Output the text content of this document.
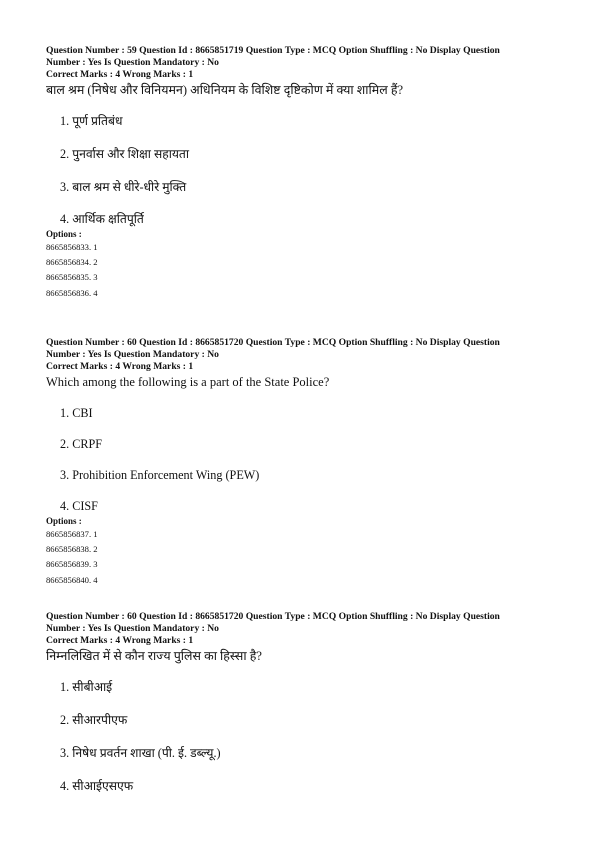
Question Number : 59 Question Id : 8665851719 Question Type : MCQ Option Shuffling : No Display Question
Number : Yes Is Question Mandatory : No
Correct Marks : 4 Wrong Marks : 1
बाल श्रम (निषेध और विनियमन) अधिनियम के विशिष्ट दृष्टिकोण में क्या शामिल हैं?
1. पूर्ण प्रतिबंध
2. पुनर्वास और शिक्षा सहायता
3. बाल श्रम से धीरे-धीरे मुक्ति
4. आर्थिक क्षतिपूर्ति
Options :
8665856833. 1
8665856834. 2
8665856835. 3
8665856836. 4
Question Number : 60 Question Id : 8665851720 Question Type : MCQ Option Shuffling : No Display Question
Number : Yes Is Question Mandatory : No
Correct Marks : 4 Wrong Marks : 1
Which among the following is a part of the State Police?
1. CBI
2. CRPF
3. Prohibition Enforcement Wing (PEW)
4. CISF
Options :
8665856837. 1
8665856838. 2
8665856839. 3
8665856840. 4
Question Number : 60 Question Id : 8665851720 Question Type : MCQ Option Shuffling : No Display Question
Number : Yes Is Question Mandatory : No
Correct Marks : 4 Wrong Marks : 1
निम्नलिखित में से कौन राज्य पुलिस का हिस्सा है?
1. सीबीआई
2. सीआरपीएफ
3. निषेध प्रवर्तन शाखा (पी. ई. डब्ल्यू.)
4. सीआईएसएफ
